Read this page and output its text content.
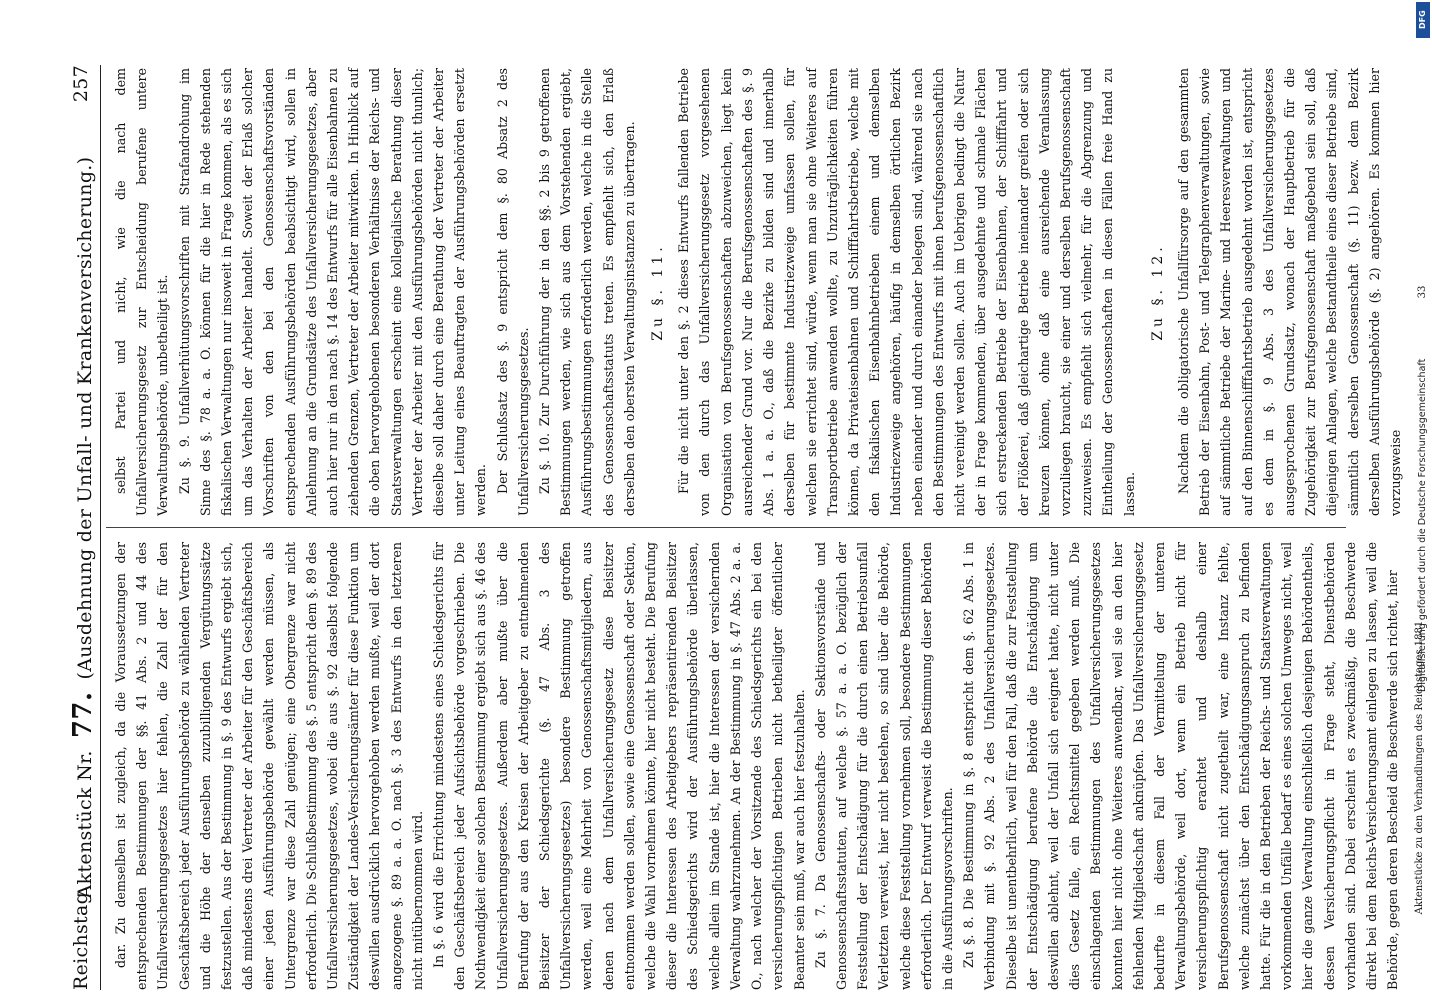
Reichstag.
Aktenstück Nr. 77. (Ausdehnung der Unfall- und Krankenversicherung.)
257

dar. Zu demselben ist zugleich, da die Voraussetzungen der entsprechenden Bestimmungen der §§. 41 Abs. 2 und 44 des Unfallversicherungsgesetzes hier fehlen, die Zahl der für den Geschäftsbereich jeder Ausführungsbehörde zu wählenden Vertreter und die Höhe der denselben zuzubilligenden Vergütungssätze festzustellen. Aus der Bestimmung in §. 9 des Entwurfs ergiebt sich, daß mindestens drei Vertreter der Arbeiter für den Geschäftsbereich einer jeden Ausführungsbehörde gewählt werden müssen, als Untergrenze war diese Zahl genügen; eine Obergrenze war nicht erforderlich. Die Schlußbestimmung des §. 5 entspricht dem §. 89 des Unfallversicherungsgesetzes, wobei die aus §. 92 daselbst folgende Zuständigkeit der Landes-Versicherungsämter für diese Funktion um deswillen ausdrücklich hervorgehoben werden mußte, weil der dort angezogene §. 89 a. a. O. nach §. 3 des Entwurfs in den letzteren nicht mitübernommen wird. In §. 6 wird die Errichtung mindestens eines Schiedsgerichts für den Geschäftsbereich jeder Aufsichtsbehörde vorgeschrieben. Die Nothwendigkeit einer solchen Bestimmung ergiebt sich aus §. 46 des Unfallversicherungsgesetzes. Außerdem aber mußte über die Berufung der aus den Kreisen der Arbeitgeber zu entnehmenden Beisitzer der Schiedsgerichte (§. 47 Abs. 3 des Unfallversicherungsgesetzes) besondere Bestimmung getroffen werden, weil eine Mehrheit von Genossenschaftsmitgliedern, aus denen nach dem Unfallversicherungsgesetz diese Beisitzer entnommen werden sollen, sowie eine Genossenschaft oder Sektion, welche die Wahl vornehmen könnte, hier nicht besteht. Die Berufung dieser die Interessen des Arbeitgebers repräsentirenden Beisitzer des Schiedsgerichts wird der Ausführungsbehörde überlassen, welche allein im Stande ist, hier die Interessen der versichernden Verwaltung wahrzunehmen. An der Bestimmung in §. 47 Abs. 2 a. a. O., nach welcher der Vorsitzende des Schiedsgerichts ein bei den versicherungspflichtigen Betrieben nicht betheiligter öffentlicher Beamter sein muß, war auch hier festzuhalten. Zu §. 7. Da Genossenschafts- oder Sektionsvorstände und Genossenschaftsstatuten, auf welche §. 57 a. a. O. bezüglich der Feststellung der Entschädigung für die durch einen Betriebsunfall Verletzten verweist, hier nicht bestehen, so sind über die Behörde, welche diese Feststellung vornehmen soll, besondere Bestimmungen erforderlich. Der Entwurf verweist die Bestimmung dieser Behörden in die Ausführungsvorschriften. Zu §. 8. Die Bestimmung in §. 8 entspricht dem §. 62 Abs. 1 in Verbindung mit §. 92 Abs. 2 des Unfallversicherungsgesetzes. Dieselbe ist unentbehrlich, weil für den Fall, daß die zur Feststellung der Entschädigung berufene Behörde die Entschädigung um deswillen ablehnt, weil der Unfall sich ereignet hatte, nicht unter dies Gesetz falle, ein Rechtsmittel gegeben werden muß. Die einschlagenden Bestimmungen des Unfallversicherungsgesetzes konnten hier nicht ohne Weiteres anwendbar, weil sie an den hier fehlenden Mitgliedschaft anknüpfen. Das Unfallversicherungsgesetz bedurfte in diesem Fall der Vermittelung der unteren Verwaltungsbehörde, weil dort, wenn ein Betrieb nicht für versicherungspflichtig erachtet und deshalb einer Berufsgenossenschaft nicht zugetheilt war, eine Instanz fehlte, welche zunächst über den Entschädigungsanspruch zu befinden hatte. Für die in den Betrieben der Reichs- und Staatsverwaltungen vorkommenden Unfälle bedarf es eines solchen Umweges nicht, weil hier die ganze Verwaltung einschließlich desjenigen Behördentheils, dessen Versicherungspflicht in Frage steht, Dienstbehörden vorhanden sind. Dabei erscheint es zweckmäßig, die Beschwerde direkt bei dem Reichs-Versicherungsamt einlegen zu lassen, weil die Behörde, gegen deren Bescheid die Beschwerde sich richtet, hier	Aktenstücke zu den Verhandlungen des Reichstages 1881.

selbst Partei und nicht, wie die nach dem Unfallversicherungsgesetz zur Entscheidung berufene untere Verwaltungsbehörde, unbetheiligt ist. Zu §. 9. Unfallverhütungsvorschriften mit Strafandrohung im Sinne des §. 78 a. a. O. können für die hier in Rede stehenden fiskalischen Verwaltungen nur insoweit in Frage kommen, als es sich um das Verhalten der Arbeiter handelt. Soweit der Erlaß solcher Vorschriften von den bei den Genossenschaftsvorständen entsprechenden Ausführungsbehörden beabsichtigt wird, sollen in Anlehnung an die Grundsätze des Unfallversicherungsgesetzes, aber auch hier nur in den nach §. 14 des Entwurfs für alle Eisenbahnen zu ziehenden Grenzen, Vertreter der Arbeiter mitwirken. In Hinblick auf die oben hervorgehobenen besonderen Verhältnisse der Reichs- und Staatsverwaltungen erscheint eine kollegialische Berathung dieser Vertreter der Arbeiter mit den Ausführungsbehörden nicht thunlich; dieselbe soll daher durch eine Berathung der Vertreter der Arbeiter unter Leitung eines Beauftragten der Ausführungsbehörden ersetzt werden. Der Schlußsatz des §. 9 entspricht dem §. 80 Absatz 2 des Unfallversicherungsgesetzes. Zu §. 10. Zur Durchführung der in den §§. 2 bis 9 getroffenen Bestimmungen werden, wie sich aus dem Vorstehenden ergiebt, Ausführungsbestimmungen erforderlich werden, welche in die Stelle des Genossenschaftsstatuts treten. Es empfiehlt sich, den Erlaß derselben den obersten Verwaltungsinstanzen zu übertragen. Zu §. 11. Für die nicht unter den §. 2 dieses Entwurfs fallenden Betriebe von den durch das Unfallversicherungsgesetz vorgesehenen Organisation von Berufsgenossenschaften abzuweichen, liegt kein ausreichender Grund vor. Nur die Berufsgenossenschaften des §. 9 Abs. 1 a. a. O., daß die Bezirke zu bilden sind und innerhalb derselben für bestimmte Industriezweige umfassen sollen, für welchen sie errichtet sind, würde, wenn man sie ohne Weiteres auf Transportbetriebe anwenden wollte, zu Unzuträglichkeiten führen können, da Privateisenbahnen und Schifffahrtsbetriebe, welche mit den fiskalischen Eisenbahnbetrieben einem und demselben Industriezweige angehören, häufig in demselben örtlichen Bezirk neben einander und durch einander belegen sind, während sie nach den Bestimmungen des Entwurfs mit ihnen berufsgenossenschaftlich nicht vereinigt werden sollen. Auch im Uebrigen bedingt die Natur der in Frage kommenden, über ausgedehnte und schmale Flächen sich erstreckenden Betriebe der Eisenbahnen, der Schifffahrt und der Flößerei, daß gleichartige Betriebe ineinander greifen oder sich kreuzen können, ohne daß eine ausreichende Veranlassung vorzuliegen braucht, sie einer und derselben Berufsgenossenschaft zuzuweisen. Es empfiehlt sich vielmehr, für die Abgrenzung und Eintheilung der Genossenschaften in diesen Fällen freie Hand zu lassen.

Zu §. 12. Nachdem die obligatorische Unfallfürsorge auf den gesammten Betrieb der Eisenbahn, Post- und Telegraphenverwaltungen, sowie auf sämmtliche Betriebe der Marine- und Heeresverwaltungen und auf den Binnenschifffahrtsbetrieb ausgedehnt worden ist, entspricht es dem in §. 9 Abs. 3 des Unfallversicherungsgesetzes ausgesprochenen Grundsatz, wonach der Hauptbetrieb für die Zugehörigkeit zur Berufsgenossenschaft maßgebend sein soll, daß diejenigen Anlagen, welche Bestandtheile eines dieser Betriebe sind, sämmtlich derselben Genossenschaft (§. 11) bezw. dem Bezirk derselben Ausführungsbehörde (§. 2) angehören. Es kommen hier vorzugsweise

33
DFG
Digitalisierung gefördert durch die Deutsche Forschungsgemeinschaft
